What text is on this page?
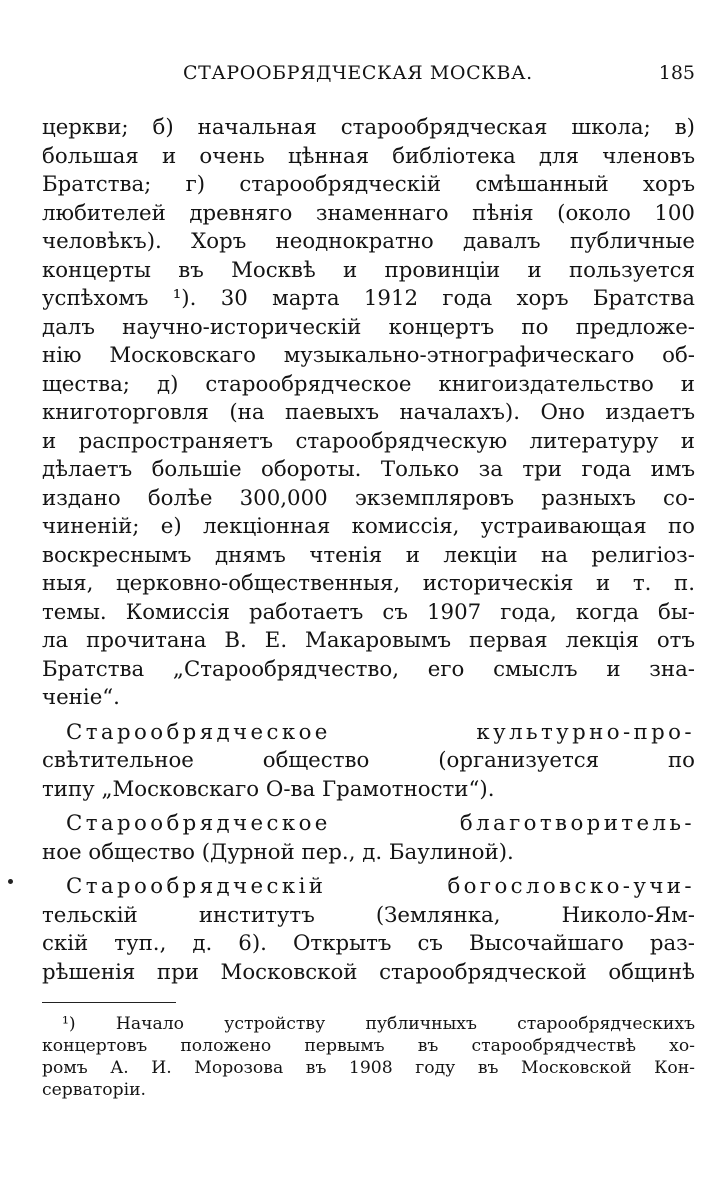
СТАРООБРЯДЧЕСКАЯ МОСКВА.	185
церкви; б) начальная старообрядческая школа; в)
большая и очень цѣнная библіотека для членовъ
Братства; г) старообрядческій смѣшанный хоръ
любителей древняго знаменнаго пѣнія (около 100
человѣкъ). Хоръ неоднократно давалъ публичные
концерты въ Москвѣ и провинціи и пользуется
успѣхомъ ¹). 30 марта 1912 года хоръ Братства
далъ научно-историческій концертъ по предложе-
нію Московскаго музыкально-этнографическаго об-
щества; д) старообрядческое книгоиздательство и
книготорговля (на паевыхъ началахъ). Оно издаетъ
и распространяетъ старообрядческую литературу и
дѣлаетъ большіе обороты. Только за три года имъ
издано болѣе 300,000 экземпляровъ разныхъ со-
чиненій; е) лекціонная комиссія, устраивающая по
воскреснымъ днямъ чтенія и лекціи на религіоз-
ныя, церковно-общественныя, историческія и т. п.
темы. Комиссія работаетъ съ 1907 года, когда бы-
ла прочитана В. Е. Макаровымъ первая лекція отъ
Братства „Старообрядчество, его смыслъ и зна-
ченіе“.
Старообрядческое культурно-про-
свѣтительное общество (организуется по
типу „Московскаго О-ва Грамотности“).
Старообрядческое благотворитель-
ное общество (Дурной пер., д. Баулиной).
Старообрядческій богословско-учи-
тельскій институтъ (Землянка, Николо-Ям-
скій туп., д. 6). Открытъ съ Высочайшаго раз-
рѣшенія при Московской старообрядческой общинѣ
¹) Начало устройству публичныхъ старообрядческихъ
концертовъ положено первымъ въ старообрядчествѣ хо-
ромъ А. И. Морозова въ 1908 году въ Московской Кон-
серваторіи.
